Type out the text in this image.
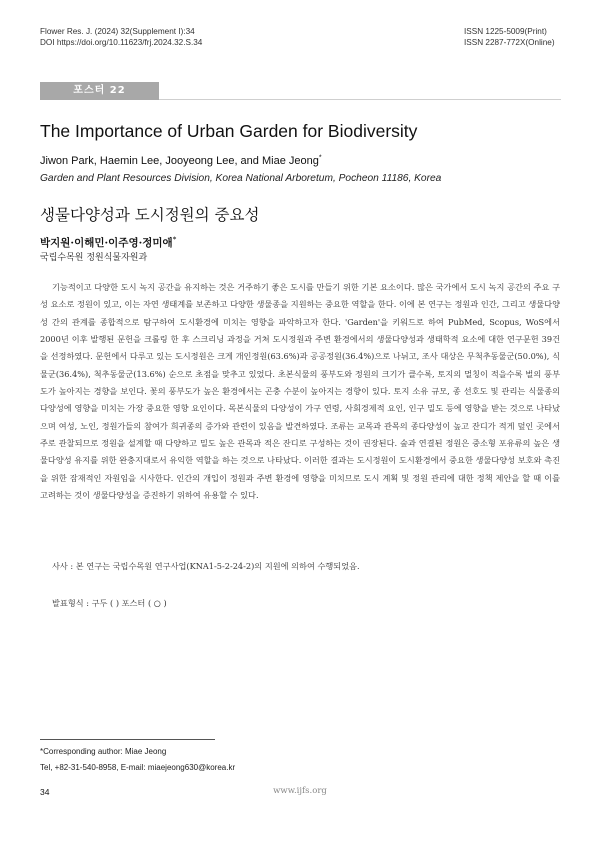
Flower Res. J. (2024) 32(Supplement I):34
DOI https://doi.org/10.11623/frj.2024.32.S.34
ISSN 1225-5009(Print)
ISSN 2287-772X(Online)
포스터 22
The Importance of Urban Garden for Biodiversity
Jiwon Park, Haemin Lee, Jooyeong Lee, and Miae Jeong*
Garden and Plant Resources Division, Korea National Arboretum, Pocheon 11186, Korea
생물다양성과 도시정원의 중요성
박지원·이해민·이주영·정미애*
국립수목원 정원식물자원과
기능적이고 다양한 도시 녹지 공간을 유지하는 것은 거주하기 좋은 도시를 만들기 위한 기본 요소이다. 많은 국가에서 도시 녹지 공간의 주요 구성 요소로 정원이 있고, 이는 자연 생태계를 보존하고 다양한 생물종을 지원하는 중요한 역할을 한다. 이에 본 연구는 정원과 인간, 그리고 생물다양성 간의 관계를 종합적으로 탐구하여 도시환경에 미치는 영향을 파악하고자 한다. 'Garden'을 키워드로 하여 PubMed, Scopus, WoS에서 2000년 이후 발행된 문헌을 크롤링 한 후 스크리닝 과정을 거쳐 도시정원과 주변 환경에서의 생물다양성과 생태학적 요소에 대한 연구문헌 39건을 선정하였다. 문헌에서 다루고 있는 도시정원은 크게 개인정원(63.6%)과 공공정원(36.4%)으로 나뉘고, 조사 대상은 무척추동물군(50.0%), 식물군(36.4%), 척추동물군(13.6%) 순으로 초점을 맞추고 있었다. 초본식물의 풍부도와 정원의 크기가 클수록, 토지의 멀칭이 적을수록 벌의 풍부도가 높아지는 경향을 보인다. 꽃의 풍부도가 높은 환경에서는 곤충 수분이 높아지는 경향이 있다. 토지 소유 규모, 종 선호도 및 관리는 식물종의 다양성에 영향을 미치는 가장 중요한 영향 요인이다. 목본식물의 다양성이 가구 연령, 사회경제적 요인, 인구 밀도 등에 영향을 받는 것으로 나타났으며 여성, 노인, 정원가들의 참여가 희귀종의 증가와 관련이 있음을 발견하였다. 조류는 교목과 관목의 종다양성이 높고 잔디가 적게 덮인 곳에서 주로 관찰되므로 정원을 설계할 때 다양하고 밀도 높은 관목과 적은 잔디로 구성하는 것이 권장된다. 숲과 연결된 정원은 중소형 포유류의 높은 생물다양성 유지를 위한 완충지대로서 유익한 역할을 하는 것으로 나타났다. 이러한 결과는 도시정원이 도시환경에서 중요한 생물다양성 보호와 촉진을 위한 잠재적인 자원임을 시사한다. 인간의 개입이 정원과 주변 환경에 영향을 미치므로 도시 계획 및 정원 관리에 대한 정책 제안을 할 때 이를 고려하는 것이 생물다양성을 증진하기 위하여 유용할 수 있다.
사사 : 본 연구는 국립수목원 연구사업(KNA1-5-2-24-2)의 지원에 의하여 수행되었음.
발표형식 : 구두 ( ) 포스터 ( ○ )
*Corresponding author: Miae Jeong
Tel, +82-31-540-8958, E-mail: miaejeong630@korea.kr
34	www.ijfs.org
